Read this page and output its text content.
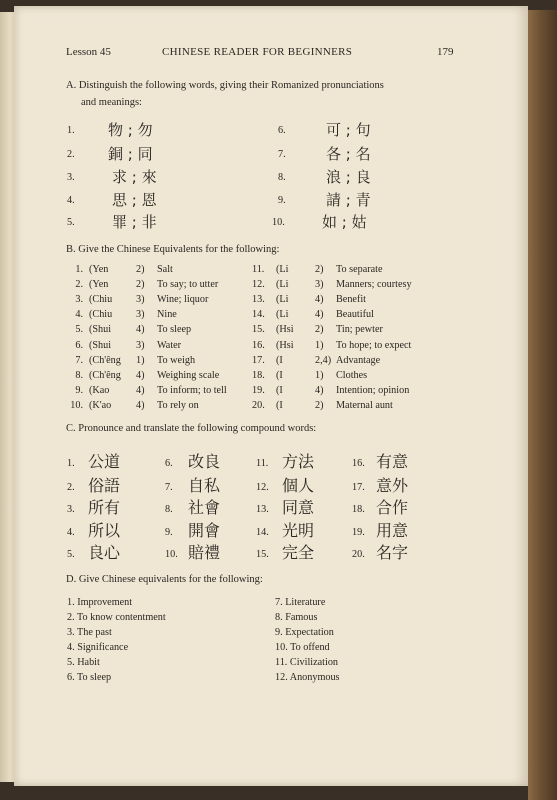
Lesson 45	CHINESE READER FOR BEGINNERS	179
A. Distinguish the following words, giving their Romanized pronunciations
and meanings:
1. 物 ; 勿
2. 銅 ; 同
3. 求 ; 來
4. 思 ; 恩
5. 罪 ; 非
6.	可 ; 句
7.	各 ; 名
8.	浪 ; 良
9.	請 ; 青
10. 如 ; 姑
B. Give the Chinese Equivalents for the following:
C. Pronounce and translate the following compound words:
D. Give Chinese equivalents for the following:
1. (Yen	2) Salt
2. (Yen	2) To say; to utter
3. (Chiu 3) Wine; liquor
4. (Chiu 3) Nine
5. (Shui 4) To sleep
6. (Shui 3) Water
7. (Ch'êng 1) To weigh
8. (Ch'êng 4) Weighing scale
9. (Kao	4) To inform; to tell
10. (K'ao 4) To rely on
11. (Li	2) To separate
12. (Li	3) Manners; courtesy
13. (Li	4) Benefit
14. (Li	4) Beautiful
15. (Hsi 2) Tin; pewter
16. (Hsi 1) To hope; to expect
17. (I	2,4) Advantage
18. (I	1) Clothes
19. (I	4) Intention; opinion
20. (I	2) Maternal aunt
1. 公道
2. 俗語
3. 所有
4. 所以
5. 良心
6. 改良
7. 自私
8. 社會
9. 開會
10. 賠禮
11. 方法
12. 個人
13. 同意
14. 光明
15. 完全
16. 有意
17. 意外
18. 合作
19. 用意
20. 名字
1. Improvement
2. To know contentment
3. The past
4. Significance
5. Habit
6. To sleep
7. Literature
8. Famous
9. Expectation
10. To offend
11. Civilization
12. Anonymous
